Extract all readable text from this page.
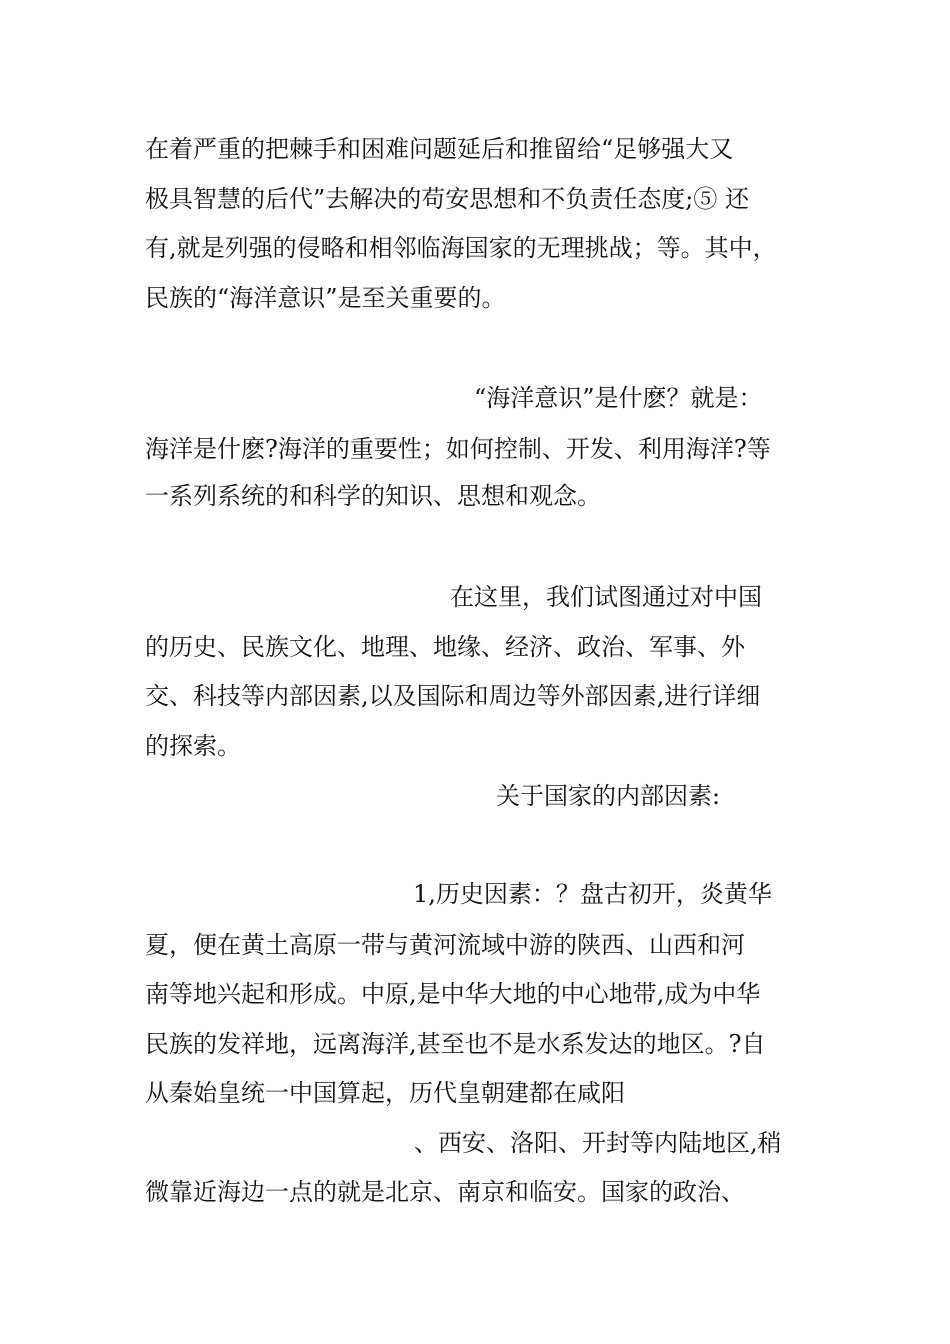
在着严重的把棘手和困难问题延后和推留给“足够强大又

极具智慧的后代”去解决的苟安思想和不负责任态度;⑤ 还

有,就是列强的侵略和相邻临海国家的无理挑战；等。其中，

民族的“海洋意识”是至关重要的。

“海洋意识”是什麽？就是：

海洋是什麽?海洋的重要性；如何控制、开发、利用海洋?等

一系列系统的和科学的知识、思想和观念。

在这里，我们试图通过对中国

的历史、民族文化、地理、地缘、经济、政治、军事、外

交、科技等内部因素,以及国际和周边等外部因素,进行详细

的探索。

关于国家的内部因素:

1,历史因素：？盘古初开，炎黄华

夏，便在黄土高原一带与黄河流域中游的陕西、山西和河

南等地兴起和形成。中原,是中华大地的中心地带,成为中华

民族的发祥地，远离海洋,甚至也不是水系发达的地区。?自

从秦始皇统一中国算起，历代皇朝建都在咸阳

、西安、洛阳、开封等内陆地区,稍

微靠近海边一点的就是北京、南京和临安。国家的政治、
